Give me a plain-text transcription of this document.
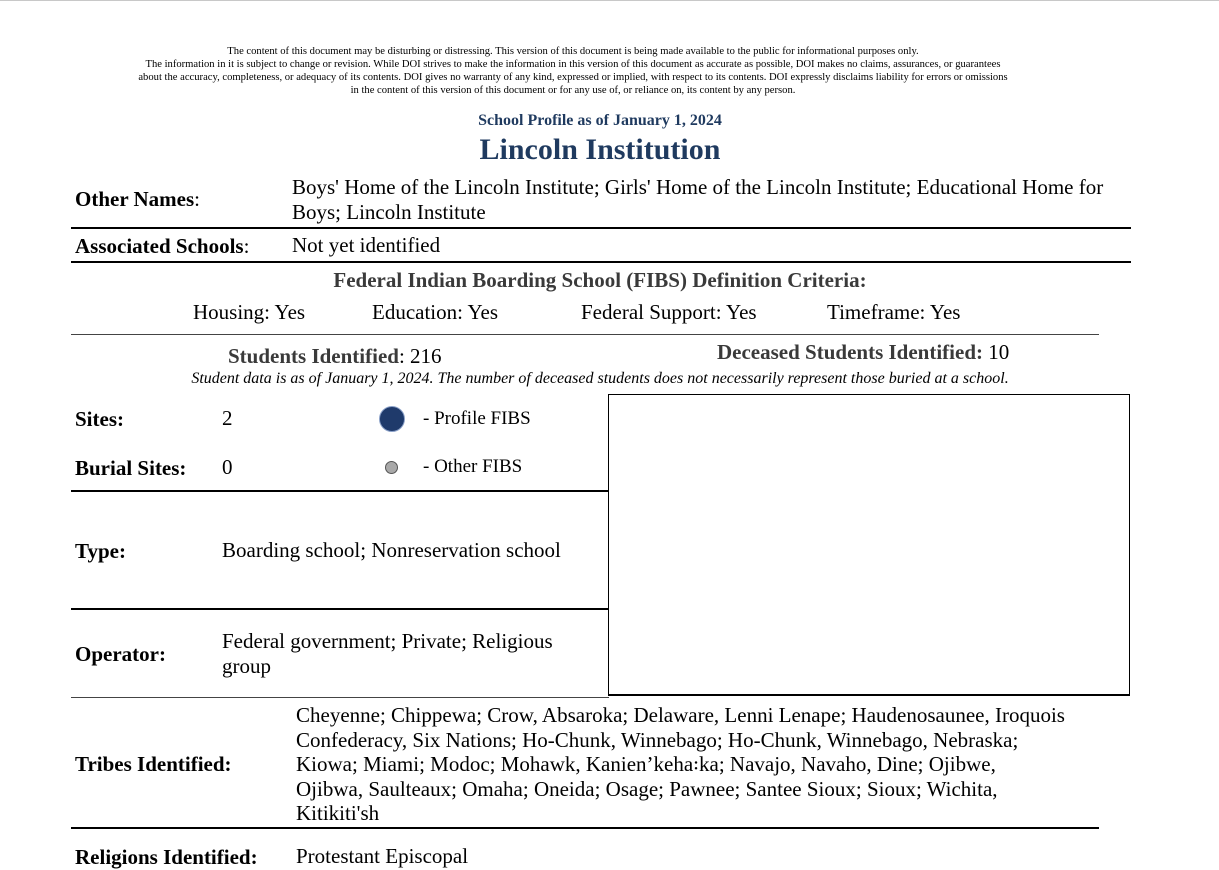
The content of this document may be disturbing or distressing. This version of this document is being made available to the public for informational purposes only.
The information in it is subject to change or revision. While DOI strives to make the information in this version of this document as accurate as possible, DOI makes no claims, assurances, or guarantees
about the accuracy, completeness, or adequacy of its contents. DOI gives no warranty of any kind, expressed or implied, with respect to its contents. DOI expressly disclaims liability for errors or omissions
in the content of this version of this document or for any use of, or reliance on, its content by any person.
School Profile as of January 1, 2024
Lincoln Institution
Other Names:	Boys' Home of the Lincoln Institute; Girls' Home of the Lincoln Institute; Educational Home for Boys; Lincoln Institute
Associated Schools: Not yet identified
Federal Indian Boarding School (FIBS) Definition Criteria:
Housing: Yes	Education: Yes	Federal Support: Yes	Timeframe: Yes
Students Identified: 216	Deceased Students Identified: 10
Student data is as of January 1, 2024. The number of deceased students does not necessarily represent those buried at a school.
Sites:	2	- Profile FIBS
Burial Sites: 0	- Other FIBS
Type:	Boarding school; Nonreservation school
Operator:
Federal government; Private; Religious group
Tribes Identified:
Cheyenne; Chippewa; Crow, Absaroka; Delaware, Lenni Lenape; Haudenosaunee, Iroquois Confederacy, Six Nations; Ho-Chunk, Winnebago; Ho-Chunk, Winnebago, Nebraska; Kiowa; Miami; Modoc; Mohawk, Kanien’keha꞉ka; Navajo, Navaho, Dine; Ojibwe, Ojibwa, Saulteaux; Omaha; Oneida; Osage; Pawnee; Santee Sioux; Sioux; Wichita, Kitikiti'sh
Religions Identified: Protestant Episcopal
